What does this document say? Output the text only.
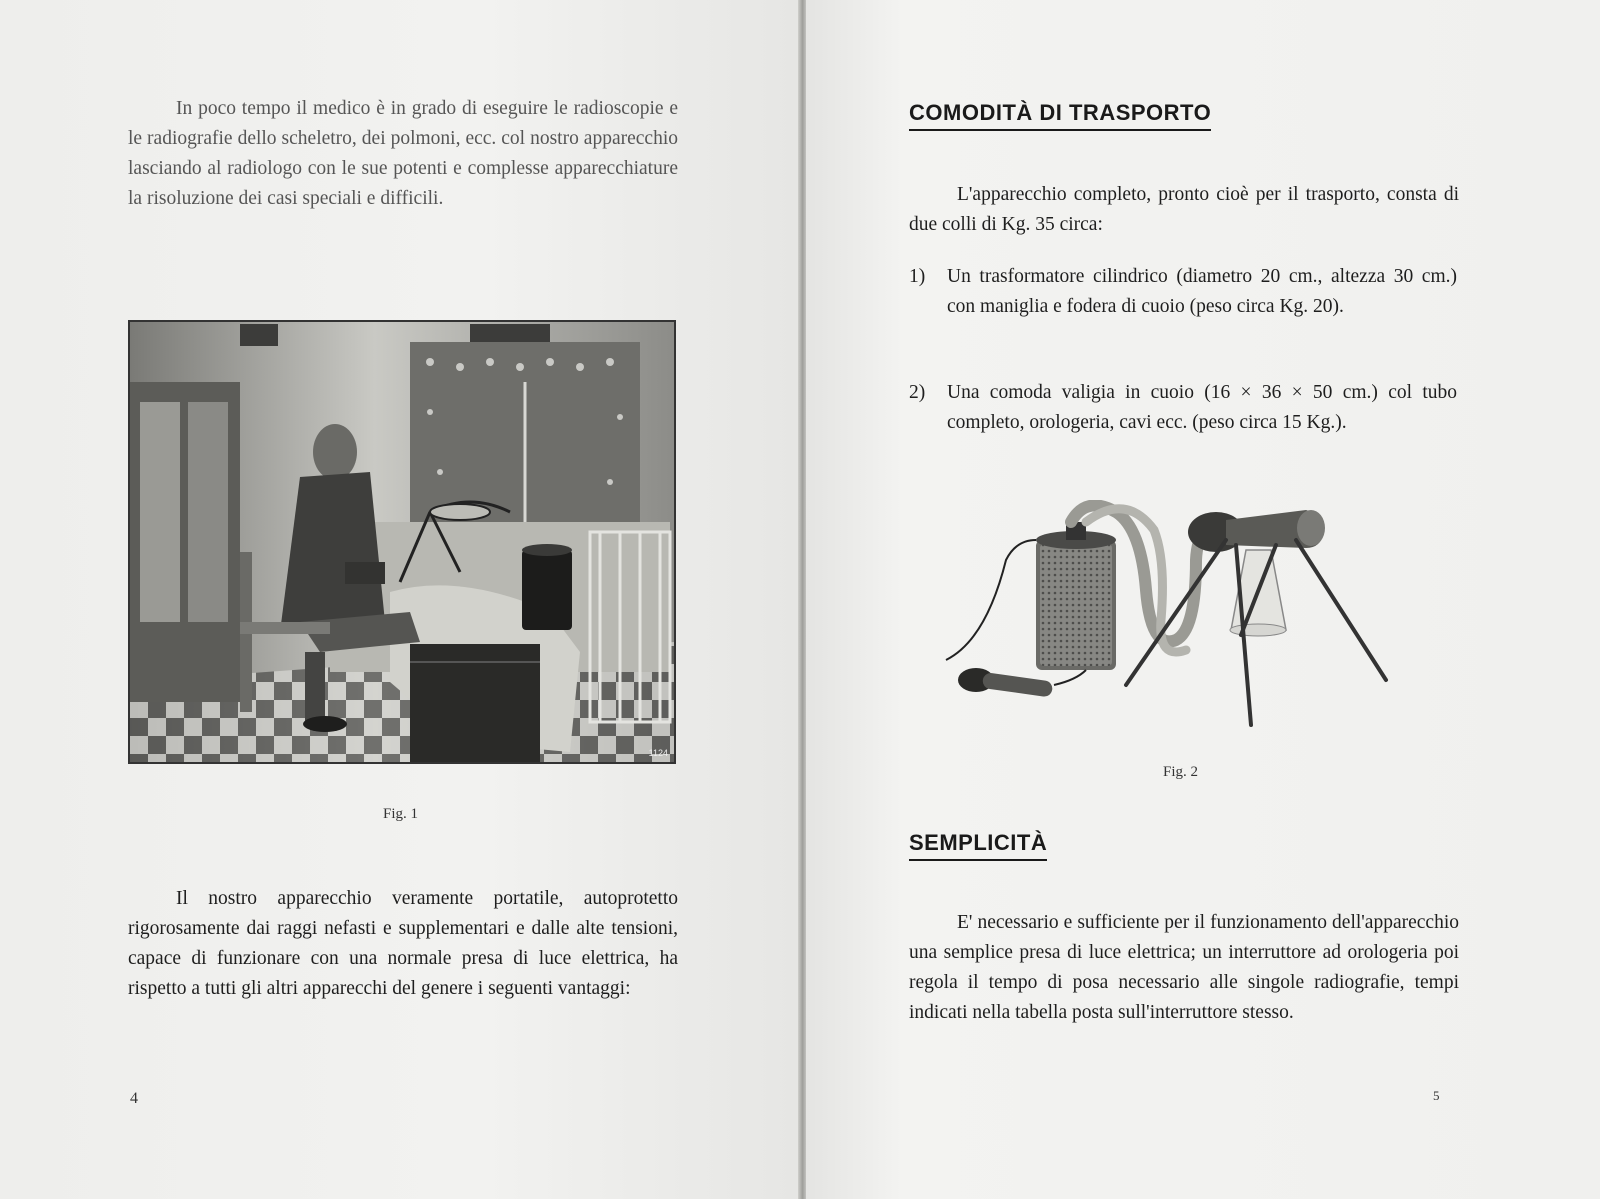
In poco tempo il medico è in grado di eseguire le radioscopie e le radiografie dello scheletro, dei polmoni, ecc. col nostro apparecchio lasciando al radiologo con le sue potenti e complesse apparecchiature la risoluzione dei casi speciali e difficili.

1124
Fig. 1

Il nostro apparecchio veramente portatile, autoprotetto rigorosamente dai raggi nefasti e supplementari e dalle alte tensioni, capace di funzionare con una normale presa di luce elettrica, ha rispetto a tutti gli altri apparecchi del genere i seguenti vantaggi:

4
COMODITÀ DI TRASPORTO

L'apparecchio completo, pronto cioè per il trasporto, consta di due colli di Kg. 35 circa:

1) Un trasformatore cilindrico (diametro 20 cm., altezza 30 cm.) con maniglia e fodera di cuoio (peso circa Kg. 20).
2) Una comoda valigia in cuoio (16 × 36 × 50 cm.) col tubo completo, orologeria, cavi ecc. (peso circa 15 Kg.).
Fig. 2
SEMPLICITÀ

E' necessario e sufficiente per il funzionamento dell'apparecchio una semplice presa di luce elettrica; un interruttore ad orologeria poi regola il tempo di posa necessario alle singole radiografie, tempi indicati nella tabella posta sull'interruttore stesso.

5
